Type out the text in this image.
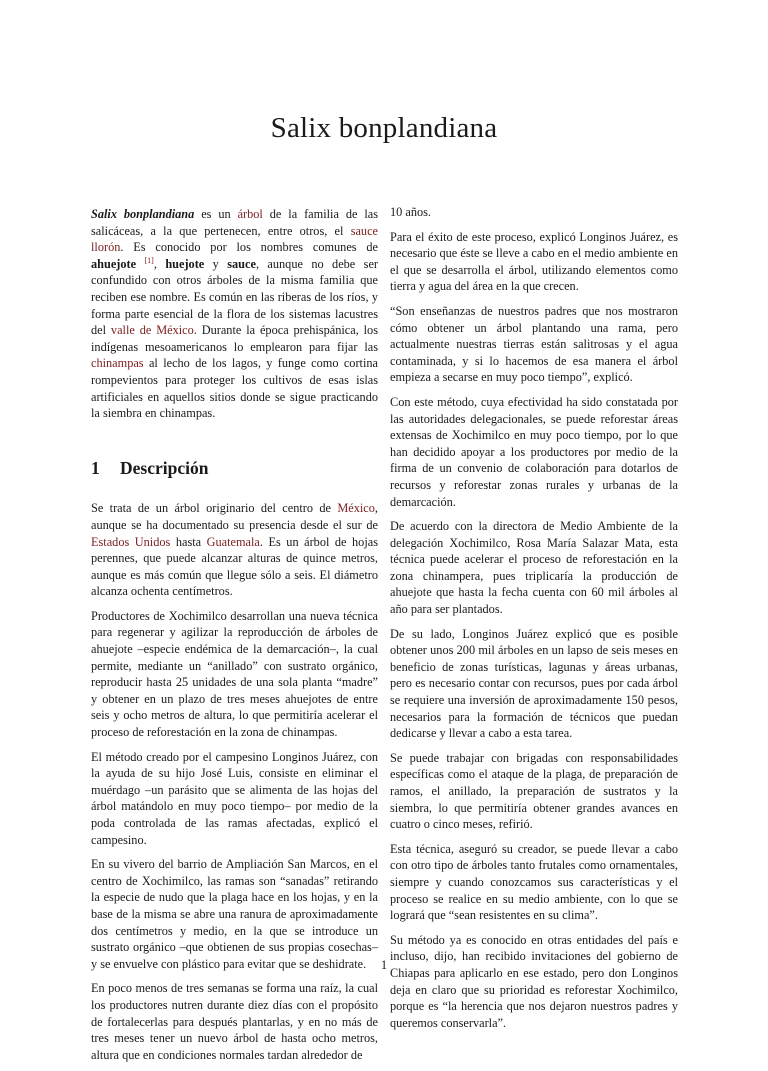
Salix bonplandiana

Salix bonplandiana es un árbol de la familia de las salicáceas, a la que pertenecen, entre otros, el sauce llorón. Es conocido por los nombres comunes de ahuejote [1], huejote y sauce, aunque no debe ser confundido con otros árboles de la misma familia que reciben ese nombre. Es común en las riberas de los ríos, y forma parte esencial de la flora de los sistemas lacustres del valle de México. Durante la época prehispánica, los indígenas mesoamericanos lo emplearon para fijar las chinampas al lecho de los lagos, y funge como cortina rompevientos para proteger los cultivos de esas islas artificiales en aquellos sitios donde se sigue practicando la siembra en chinampas.

1 Descripción

Se trata de un árbol originario del centro de México, aunque se ha documentado su presencia desde el sur de Estados Unidos hasta Guatemala. Es un árbol de hojas perennes, que puede alcanzar alturas de quince metros, aunque es más común que llegue sólo a seis. El diámetro alcanza ochenta centímetros.

Productores de Xochimilco desarrollan una nueva técnica para regenerar y agilizar la reproducción de árboles de ahuejote –especie endémica de la demarcación–, la cual permite, mediante un “anillado” con sustrato orgánico, reproducir hasta 25 unidades de una sola planta “madre” y obtener en un plazo de tres meses ahuejotes de entre seis y ocho metros de altura, lo que permitiría acelerar el proceso de reforestación en la zona de chinampas.

El método creado por el campesino Longinos Juárez, con la ayuda de su hijo José Luis, consiste en eliminar el muérdago –un parásito que se alimenta de las hojas del árbol matándolo en muy poco tiempo– por medio de la poda controlada de las ramas afectadas, explicó el campesino.

En su vivero del barrio de Ampliación San Marcos, en el centro de Xochimilco, las ramas son “sanadas” retirando la especie de nudo que la plaga hace en los hojas, y en la base de la misma se abre una ranura de aproximadamente dos centímetros y medio, en la que se introduce un sustrato orgánico –que obtienen de sus propias cosechas– y se envuelve con plástico para evitar que se deshidrate.

En poco menos de tres semanas se forma una raíz, la cual los productores nutren durante diez días con el propósito de fortalecerlas para después plantarlas, y en no más de tres meses tener un nuevo árbol de hasta ocho metros, altura que en condiciones normales tardan alrededor de

10 años.

Para el éxito de este proceso, explicó Longinos Juárez, es necesario que éste se lleve a cabo en el medio ambiente en el que se desarrolla el árbol, utilizando elementos como tierra y agua del área en la que crecen.

“Son enseñanzas de nuestros padres que nos mostraron cómo obtener un árbol plantando una rama, pero actualmente nuestras tierras están salitrosas y el agua contaminada, y si lo hacemos de esa manera el árbol empieza a secarse en muy poco tiempo”, explicó.

Con este método, cuya efectividad ha sido constatada por las autoridades delegacionales, se puede reforestar áreas extensas de Xochimilco en muy poco tiempo, por lo que han decidido apoyar a los productores por medio de la firma de un convenio de colaboración para dotarlos de recursos y reforestar zonas rurales y urbanas de la demarcación.

De acuerdo con la directora de Medio Ambiente de la delegación Xochimilco, Rosa María Salazar Mata, esta técnica puede acelerar el proceso de reforestación en la zona chinampera, pues triplicaría la producción de ahuejote que hasta la fecha cuenta con 60 mil árboles al año para ser plantados.

De su lado, Longinos Juárez explicó que es posible obtener unos 200 mil árboles en un lapso de seis meses en beneficio de zonas turísticas, lagunas y áreas urbanas, pero es necesario contar con recursos, pues por cada árbol se requiere una inversión de aproximadamente 150 pesos, necesarios para la formación de técnicos que puedan dedicarse y llevar a cabo a esta tarea.

Se puede trabajar con brigadas con responsabilidades específicas como el ataque de la plaga, de preparación de ramos, el anillado, la preparación de sustratos y la siembra, lo que permitiría obtener grandes avances en cuatro o cinco meses, refirió.

Esta técnica, aseguró su creador, se puede llevar a cabo con otro tipo de árboles tanto frutales como ornamentales, siempre y cuando conozcamos sus características y el proceso se realice en su medio ambiente, con lo que se logrará que “sean resistentes en su clima”.

Su método ya es conocido en otras entidades del país e incluso, dijo, han recibido invitaciones del gobierno de Chiapas para aplicarlo en ese estado, pero don Longinos deja en claro que su prioridad es reforestar Xochimilco, porque es “la herencia que nos dejaron nuestros padres y queremos conservarla”.

1
